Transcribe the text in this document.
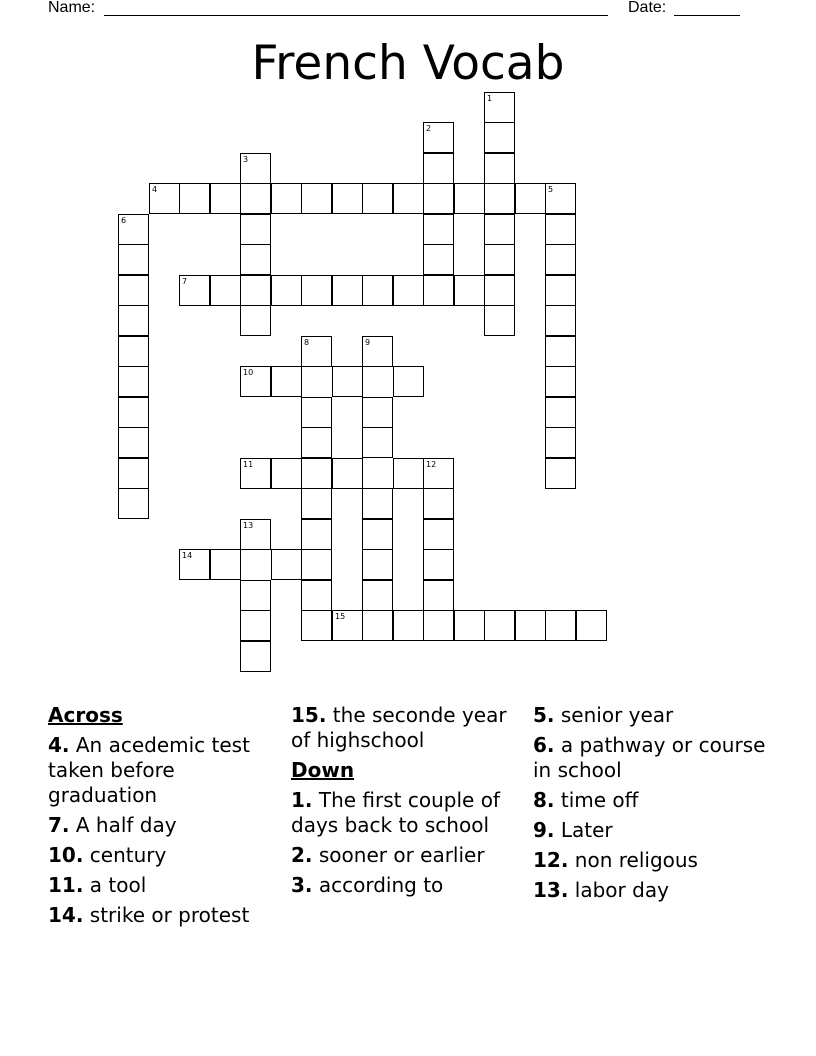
Name:	Date:
French Vocab
1
2
3
4	5
6
7
8	9
10
11	12
13
14
15
Across
4. An acedemic test taken before graduation
7. A half day
10. century
11. a tool
14. strike or protest
15. the seconde year of highschool
Down
1. The first couple of days back to school
2. sooner or earlier
3. according to
5. senior year
6. a pathway or course in school
8. time off
9. Later
12. non religous
13. labor day
